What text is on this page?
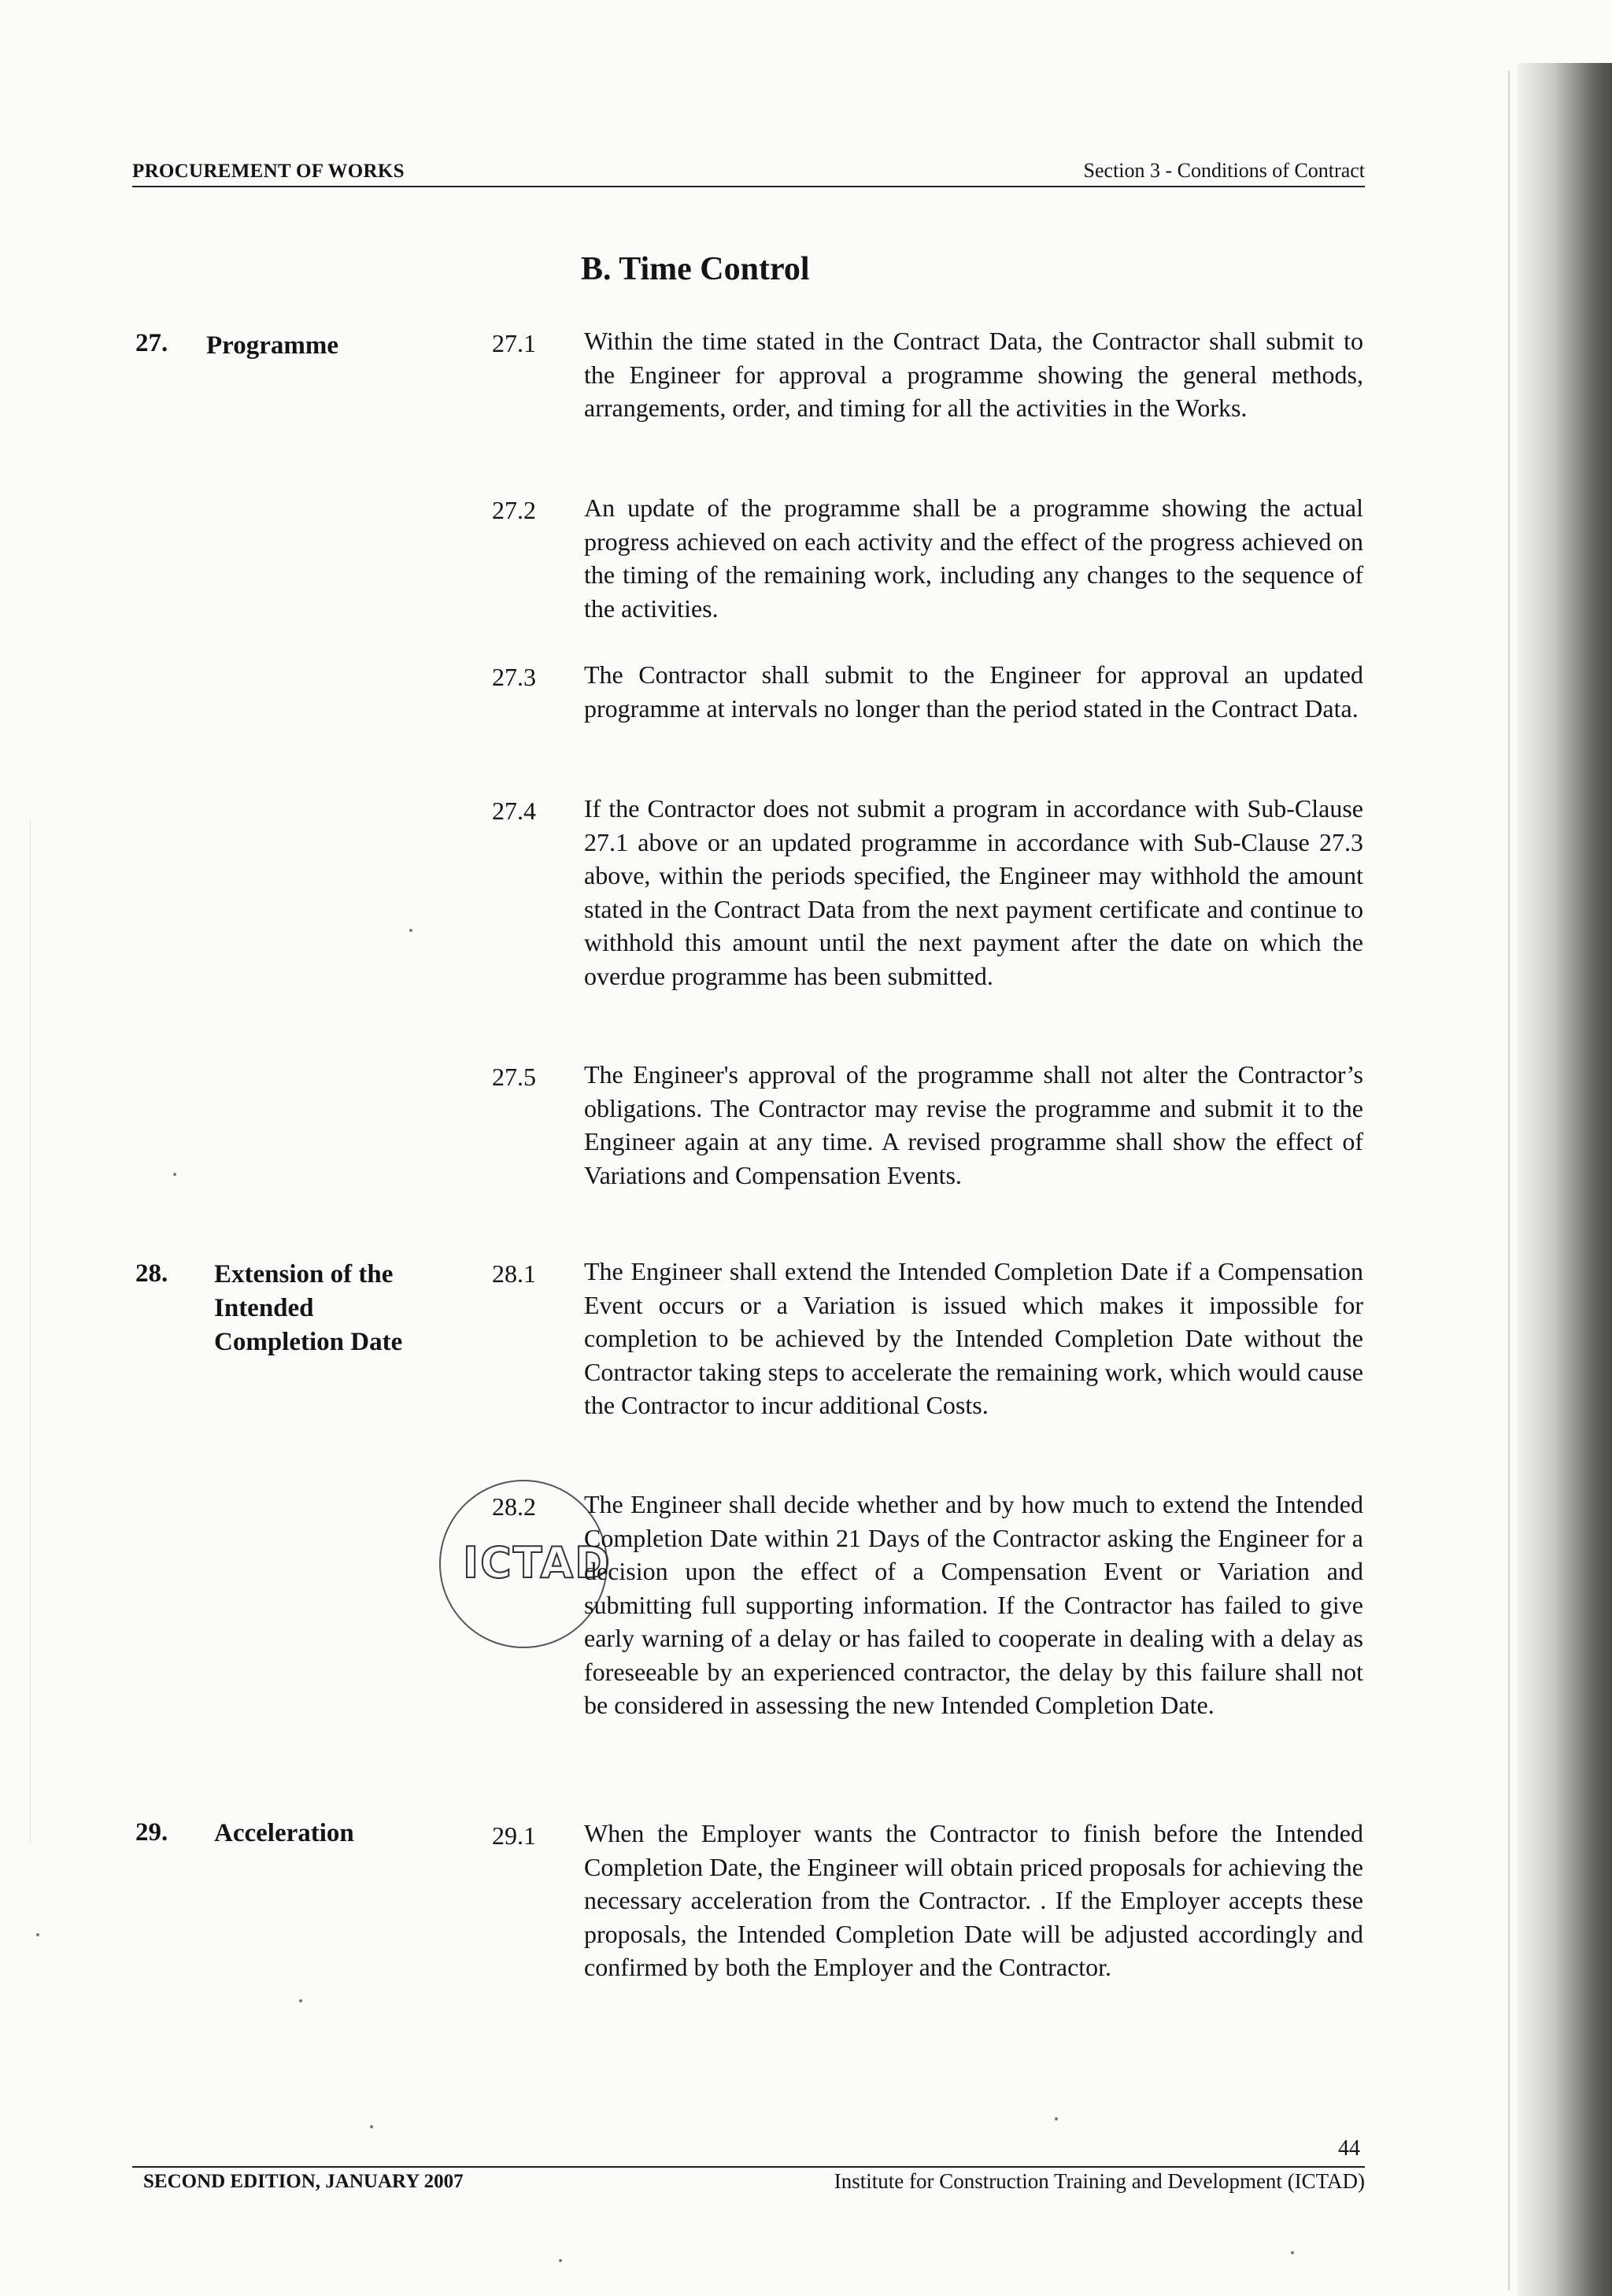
PROCUREMENT OF WORKS	Section 3 - Conditions of Contract
B. Time Control
27. Programme	27.1 Within the time stated in the Contract Data, the Contractor shall submit to the Engineer for approval a programme showing the general methods, arrangements, order, and timing for all the activities in the Works.
27.2 An update of the programme shall be a programme showing the actual progress achieved on each activity and the effect of the progress achieved on the timing of the remaining work, including any changes to the sequence of the activities.
27.3 The Contractor shall submit to the Engineer for approval an updated programme at intervals no longer than the period stated in the Contract Data.
27.4 If the Contractor does not submit a program in accordance with Sub-Clause 27.1 above or an updated programme in accordance with Sub-Clause 27.3 above, within the periods specified, the Engineer may withhold the amount stated in the Contract Data from the next payment certificate and continue to withhold this amount until the next payment after the date on which the overdue programme has been submitted.
27.5 The Engineer's approval of the programme shall not alter the Contractor’s obligations. The Contractor may revise the programme and submit it to the Engineer again at any time. A revised programme shall show the effect of Variations and Compensation Events.
28. Extension of the
Intended
Completion Date
28.1 The Engineer shall extend the Intended Completion Date if a Compensation Event occurs or a Variation is issued which makes it impossible for completion to be achieved by the Intended Completion Date without the Contractor taking steps to accelerate the remaining work, which would cause the Contractor to incur additional Costs.
ICTAD
28.2 The Engineer shall decide whether and by how much to extend the Intended Completion Date within 21 Days of the Contractor asking the Engineer for a decision upon the effect of a Compensation Event or Variation and submitting full supporting information. If the Contractor has failed to give early warning of a delay or has failed to cooperate in dealing with a delay as foreseeable by an experienced contractor, the delay by this failure shall not be considered in assessing the new Intended Completion Date.
29. Acceleration	29.1 When the Employer wants the Contractor to finish before the Intended Completion Date, the Engineer will obtain priced proposals for achieving the necessary acceleration from the Contractor. . If the Employer accepts these proposals, the Intended Completion Date will be adjusted accordingly and confirmed by both the Employer and the Contractor.
44
SECOND EDITION, JANUARY 2007	Institute for Construction Training and Development (ICTAD)
